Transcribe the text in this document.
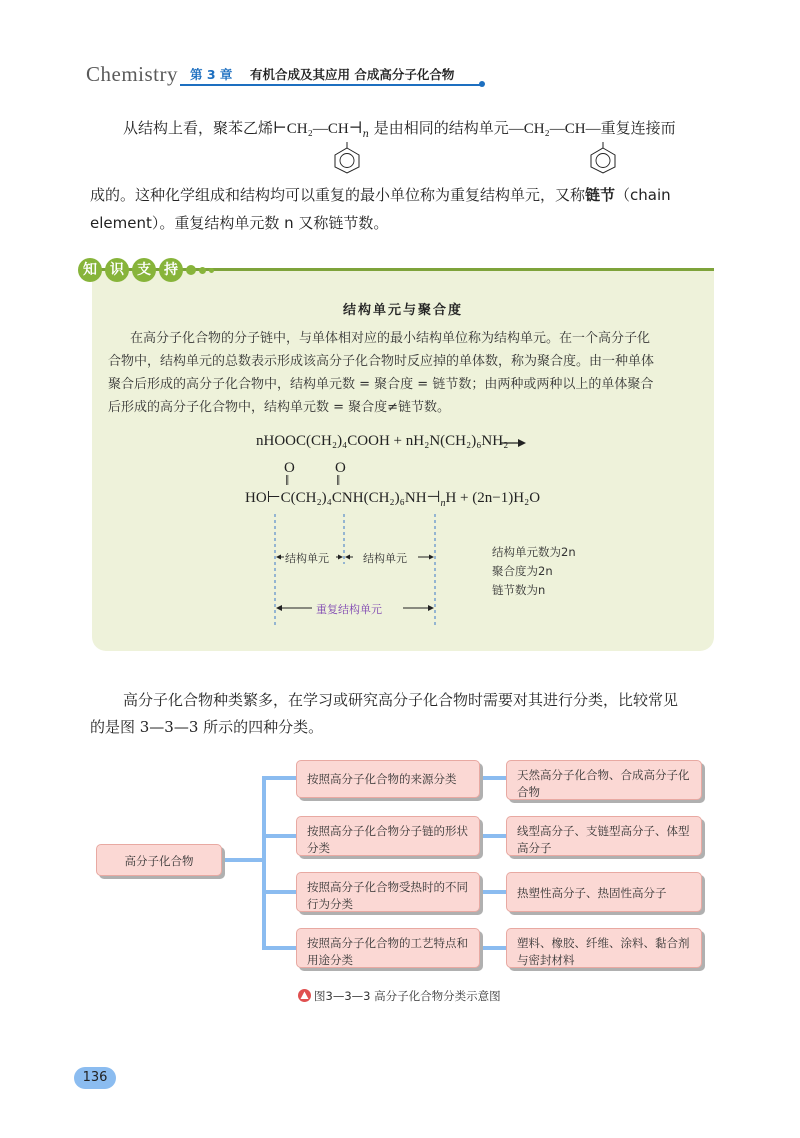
Chemistry 第 3 章 有机合成及其应用 合成高分子化合物
从结构上看，聚苯乙烯$⊢CH_2—CH⊣_n$ 是由相同的结构单元—CH₂—CH—重复连接而
成的。这种化学组成和结构均可以重复的最小单位称为重复结构单元，又称链节（chain
element）。重复结构单元数 n 又称链节数。
知 识 支 持
结构单元与聚合度
在高分子化合物的分子链中，与单体相对应的最小结构单位称为结构单元。在一个高分子化
合物中，结构单元的总数表示形成该高分子化合物时反应掉的单体数，称为聚合度。由一种单体
聚合后形成的高分子化合物中，结构单元数 = 聚合度 = 链节数；由两种或两种以上的单体聚合
后形成的高分子化合物中，结构单元数 = 聚合度≠链节数。
nHOOC(CH₂)₄COOH + nH₂N(CH₂)₆NH₂
O	O
‖	‖
$HO⊢C(CH_2)_4CNH(CH_2)_6NH⊣_nH + (2n-1)H_2O$
结构单元	结构单元
重复结构单元
结构单元数为2n
聚合度为2n
链节数为n
高分子化合物种类繁多，在学习或研究高分子化合物时需要对其进行分类，比较常见
的是图 3—3—3 所示的四种分类。
高分子化合物
按照高分子化合物的来源分类
按照高分子化合物分子链的形状分类
按照高分子化合物受热时的不同行为分类
按照高分子化合物的工艺特点和用途分类
天然高分子化合物、合成高分子化合物
线型高分子、支链型高分子、体型高分子
热塑性高分子、热固性高分子
塑料、橡胶、纤维、涂料、黏合剂与密封材料
图3—3—3 高分子化合物分类示意图
136
